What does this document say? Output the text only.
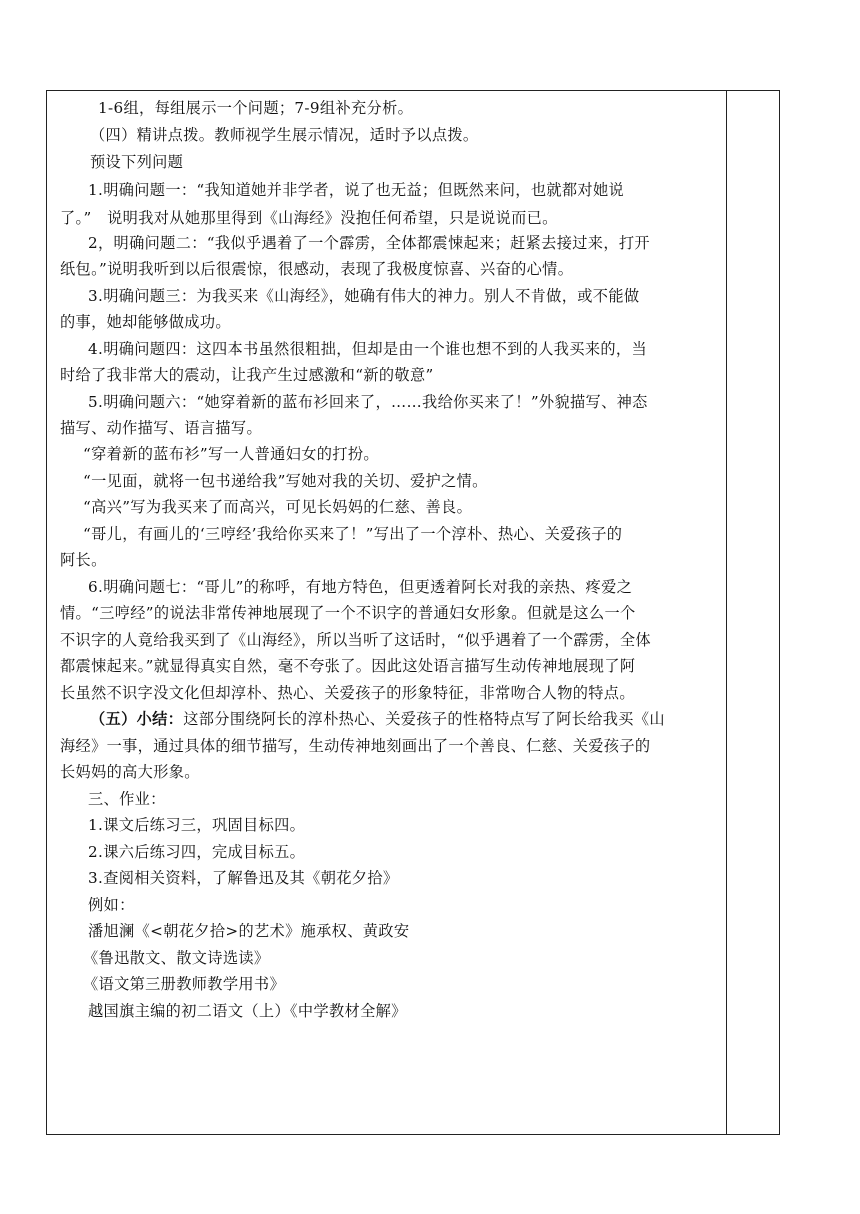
1-6组，每组展示一个问题；7-9组补充分析。
（四）精讲点拨。教师视学生展示情况，适时予以点拨。
预设下列问题
1.明确问题一：“我知道她并非学者，说了也无益；但既然来问，也就都对她说
了。”　说明我对从她那里得到《山海经》没抱任何希望，只是说说而已。
2，明确问题二：“我似乎遇着了一个霹雳，全体都震悚起来；赶紧去接过来，打开
纸包。”说明我听到以后很震惊，很感动，表现了我极度惊喜、兴奋的心情。
3.明确问题三：为我买来《山海经》，她确有伟大的神力。别人不肯做，或不能做
的事，她却能够做成功。
4.明确问题四：这四本书虽然很粗拙，但却是由一个谁也想不到的人我买来的，当
时给了我非常大的震动，让我产生过感激和“新的敬意”
5.明确问题六：“她穿着新的蓝布衫回来了，……我给你买来了！”外貌描写、神态
描写、动作描写、语言描写。
“穿着新的蓝布衫”写一人普通妇女的打扮。
“一见面，就将一包书递给我”写她对我的关切、爱护之情。
“高兴”写为我买来了而高兴，可见长妈妈的仁慈、善良。
“哥儿，有画儿的‘三哼经’我给你买来了！”写出了一个淳朴、热心、关爱孩子的
阿长。
6.明确问题七：“哥儿”的称呼，有地方特色，但更透着阿长对我的亲热、疼爱之
情。“三哼经”的说法非常传神地展现了一个不识字的普通妇女形象。但就是这么一个
不识字的人竟给我买到了《山海经》，所以当听了这话时，“似乎遇着了一个霹雳，全体
都震悚起来。”就显得真实自然，毫不夸张了。因此这处语言描写生动传神地展现了阿
长虽然不识字没文化但却淳朴、热心、关爱孩子的形象特征，非常吻合人物的特点。
（五）小结：这部分围绕阿长的淳朴热心、关爱孩子的性格特点写了阿长给我买《山
海经》一事，通过具体的细节描写，生动传神地刻画出了一个善良、仁慈、关爱孩子的
长妈妈的高大形象。
三、作业：
1.课文后练习三，巩固目标四。
2.课六后练习四，完成目标五。
3.查阅相关资料，了解鲁迅及其《朝花夕拾》
例如：
潘旭澜《<朝花夕拾>的艺术》施承权、黄政安
《鲁迅散文、散文诗选读》
《语文第三册教师教学用书》
越国旗主编的初二语文（上）《中学教材全解》
